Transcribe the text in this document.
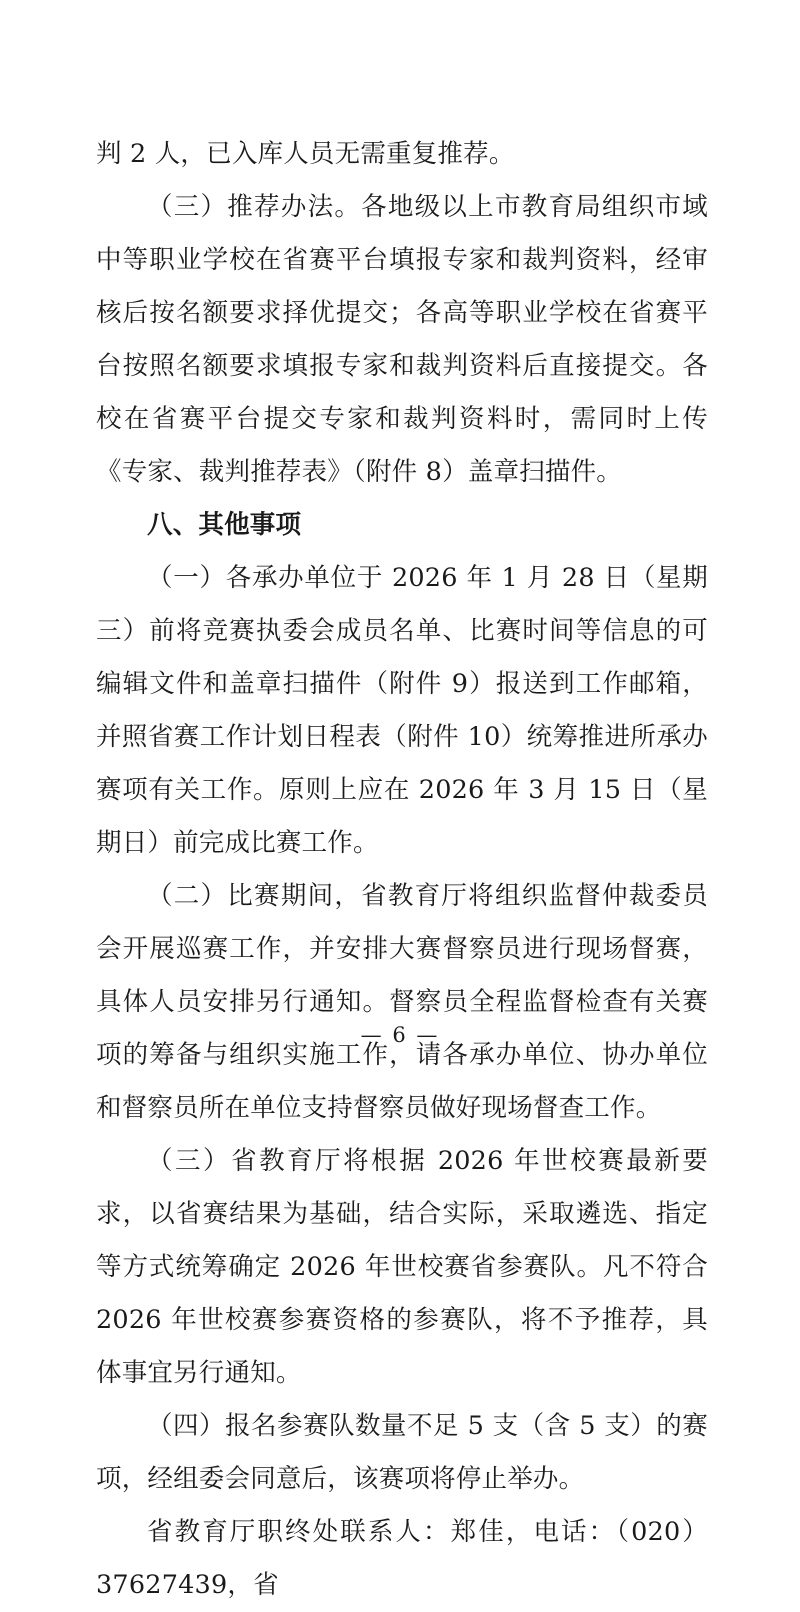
判 2 人，已入库人员无需重复推荐。

（三）推荐办法。各地级以上市教育局组织市域中等职业学校在省赛平台填报专家和裁判资料，经审核后按名额要求择优提交；各高等职业学校在省赛平台按照名额要求填报专家和裁判资料后直接提交。各校在省赛平台提交专家和裁判资料时，需同时上传《专家、裁判推荐表》（附件 8）盖章扫描件。

八、其他事项

（一）各承办单位于 2026 年 1 月 28 日（星期三）前将竞赛执委会成员名单、比赛时间等信息的可编辑文件和盖章扫描件（附件 9）报送到工作邮箱，并照省赛工作计划日程表（附件 10）统筹推进所承办赛项有关工作。原则上应在 2026 年 3 月 15 日（星期日）前完成比赛工作。

（二）比赛期间，省教育厅将组织监督仲裁委员会开展巡赛工作，并安排大赛督察员进行现场督赛，具体人员安排另行通知。督察员全程监督检查有关赛项的筹备与组织实施工作，请各承办单位、协办单位和督察员所在单位支持督察员做好现场督查工作。

（三）省教育厅将根据 2026 年世校赛最新要求，以省赛结果为基础，结合实际，采取遴选、指定等方式统筹确定 2026 年世校赛省参赛队。凡不符合 2026 年世校赛参赛资格的参赛队，将不予推荐，具体事宜另行通知。

（四）报名参赛队数量不足 5 支（含 5 支）的赛项，经组委会同意后，该赛项将停止举办。

省教育厅职终处联系人：郑佳，电话：（020）37627439，省

— 6 —
